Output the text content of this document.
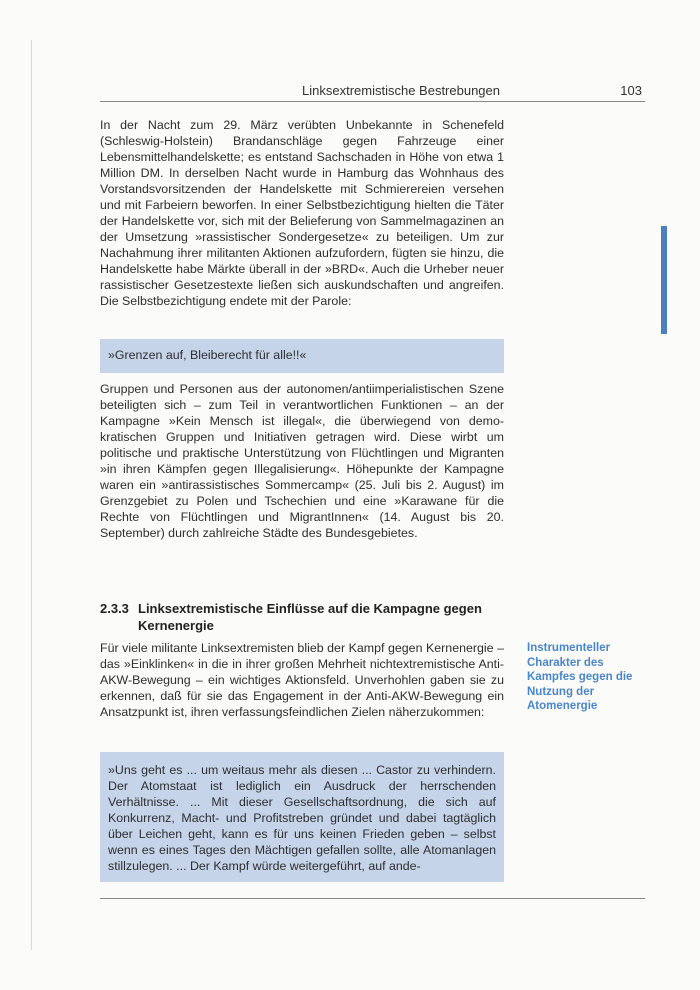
Linksextremistische Bestrebungen	103

In der Nacht zum 29. März verübten Unbekannte in Schenefeld (Schleswig-Holstein) Brandanschläge gegen Fahrzeuge einer Lebensmittelhandelskette; es entstand Sachschaden in Höhe von etwa 1 Million DM. In derselben Nacht wurde in Hamburg das Wohnhaus des Vorstandsvorsitzenden der Handelskette mit Schmierereien versehen und mit Farbeiern beworfen. In einer Selbstbezichtigung hielten die Täter der Handelskette vor, sich mit der Belieferung von Sammelmagazinen an der Umsetzung »rassistischer Sondergesetze« zu beteiligen. Um zur Nachahmung ihrer militanten Aktionen aufzufordern, fügten sie hinzu, die Handelskette habe Märkte überall in der »BRD«. Auch die Urheber neuer rassistischer Gesetzestexte ließen sich auskundschaften und angreifen. Die Selbstbezichtigung endete mit der Parole:

»Grenzen auf, Bleiberecht für alle!!«

Gruppen und Personen aus der autonomen/antiimperialistischen Szene beteiligten sich – zum Teil in verantwortlichen Funktionen – an der Kampagne »Kein Mensch ist illegal«, die überwiegend von demokratischen Gruppen und Initiativen getragen wird. Diese wirbt um politische und praktische Unterstützung von Flüchtlingen und Migranten »in ihren Kämpfen gegen Illegalisierung«. Höhepunkte der Kampagne waren ein »antirassistisches Sommercamp« (25. Juli bis 2. August) im Grenzgebiet zu Polen und Tschechien und eine »Karawane für die Rechte von Flüchtlingen und MigrantInnen« (14. August bis 20. September) durch zahlreiche Städte des Bundesgebietes.

2.3.3 Linksextremistische Einflüsse auf die Kampagne gegen Kernenergie

Für viele militante Linksextremisten blieb der Kampf gegen Kernenergie – das »Einklinken« in die in ihrer großen Mehrheit nichtextremistische Anti-AKW-Bewegung – ein wichtiges Aktionsfeld. Unverhohlen gaben sie zu erkennen, daß für sie das Engagement in der Anti-AKW-Bewegung ein Ansatzpunkt ist, ihren verfassungsfeindlichen Zielen näherzukommen:

Instrumenteller Charakter des Kampfes gegen die Nutzung der Atomenergie
»Uns geht es ... um weitaus mehr als diesen ... Castor zu verhindern. Der Atomstaat ist lediglich ein Ausdruck der herrschenden Verhältnisse. ... Mit dieser Gesellschaftsordnung, die sich auf Konkurrenz, Macht- und Profitstreben gründet und dabei tagtäglich über Leichen geht, kann es für uns keinen Frieden geben – selbst wenn es eines Tages den Mächtigen gefallen sollte, alle Atomanlagen stillzulegen. ... Der Kampf würde weitergeführt, auf ande-
